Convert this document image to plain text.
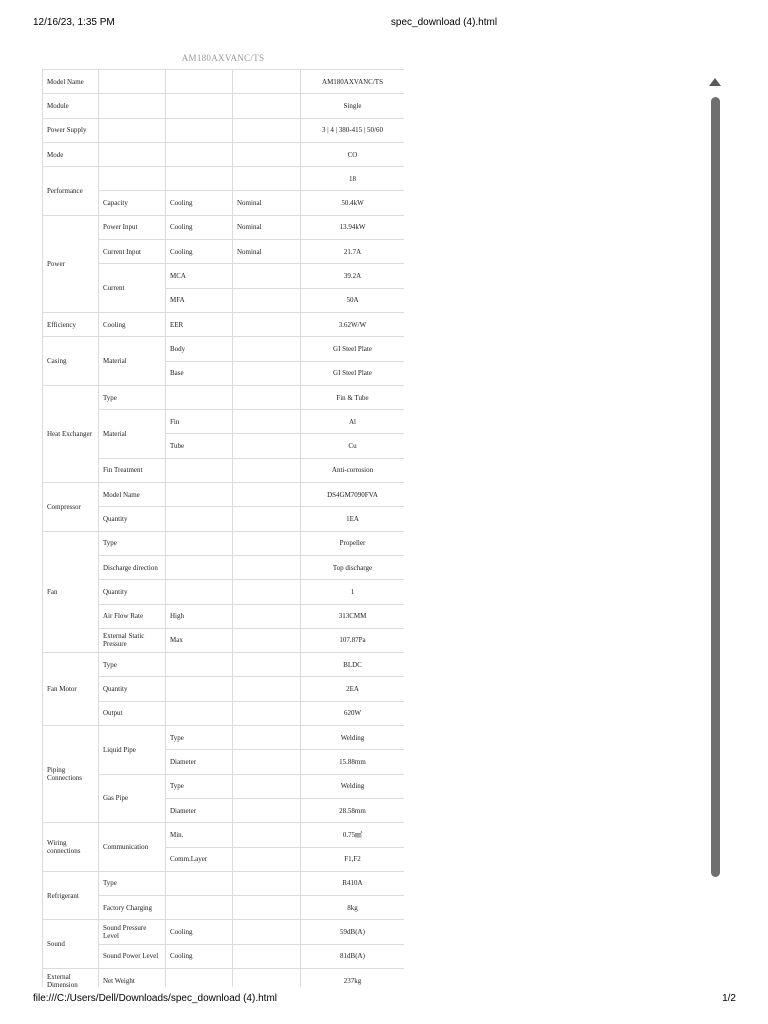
12/16/23, 1:35 PM	spec_download (4).html
AM180AXVANC/TS
Model Name				AM180AXVANC/TS
Module				Single
Power Supply				3 | 4 | 380-415 | 50/60
Mode				CO
Performance				18
	Capacity	Cooling	Nominal	50.4kW
Power	Power Input	Cooling	Nominal	13.94kW
	Current Input	Cooling	Nominal	21.7A
	Current	MCA		39.2A
		MFA		50A
Efficiency	Cooling	EER		3.62W/W
Casing	Material	Body		GI Steel Plate
		Base		GI Steel Plate
Heat Exchanger	Type			Fin & Tube
	Material	Fin		Al
		Tube		Cu
	Fin Treatment			Anti-corrosion
Compressor	Model Name			DS4GM7090FVA
	Quantity			1EA
Fan	Type			Propeller
	Discharge direction			Top discharge
	Quantity			1
	Air Flow Rate	High		313CMM
	External Static Pressure	Max		107.87Pa
Fan Motor	Type			BLDC
	Quantity			2EA
	Output			620W
Piping Connections	Liquid Pipe	Type		Welding
		Diameter		15.88mm
	Gas Pipe	Type		Welding
		Diameter		28.58mm
Wiring connections	Communication	Min.		0.75㎟
		Comm.Layer		F1,F2
Refrigerant	Type			R410A
	Factory Charging			8kg
Sound	Sound Pressure Level	Cooling		59dB(A)
	Sound Power Level	Cooling		81dB(A)
External Dimension	Net Weight			237kg
file:///C:/Users/Dell/Downloads/spec_download (4).html	1/2
